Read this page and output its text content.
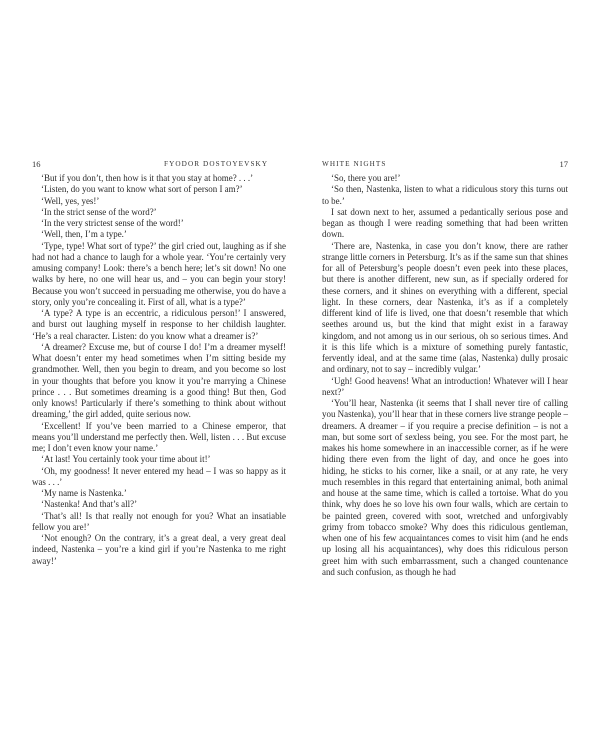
16	FYODOR DOSTOYEVSKY

‘But if you don’t, then how is it that you stay at home? . . .’

‘Listen, do you want to know what sort of person I am?’

‘Well, yes, yes!’

‘In the strict sense of the word?’

‘In the very strictest sense of the word!’

‘Well, then, I’m a type.’

‘Type, type! What sort of type?’ the girl cried out, laughing as if she had not had a chance to laugh for a whole year. ‘You’re certainly very amusing company! Look: there’s a bench here; let’s sit down! No one walks by here, no one will hear us, and – you can begin your story! Because you won’t succeed in persuading me otherwise, you do have a story, only you’re concealing it. First of all, what is a type?’

‘A type? A type is an eccentric, a ridiculous person!’ I answered, and burst out laughing myself in response to her childish laughter. ‘He’s a real character. Listen: do you know what a dreamer is?’

‘A dreamer? Excuse me, but of course I do! I’m a dreamer myself! What doesn’t enter my head sometimes when I’m sitting beside my grandmother. Well, then you begin to dream, and you become so lost in your thoughts that before you know it you’re marrying a Chinese prince . . . But sometimes dreaming is a good thing! But then, God only knows! Particularly if there’s something to think about without dreaming,’ the girl added, quite serious now.

‘Excellent! If you’ve been married to a Chinese emperor, that means you’ll understand me perfectly then. Well, listen . . . But excuse me; I don’t even know your name.’

‘At last! You certainly took your time about it!’

‘Oh, my goodness! It never entered my head – I was so happy as it was . . .’

‘My name is Nastenka.’

‘Nastenka! And that’s all?’

‘That’s all! Is that really not enough for you? What an insatiable fellow you are!’

‘Not enough? On the contrary, it’s a great deal, a very great deal indeed, Nastenka – you’re a kind girl if you’re Nastenka to me right away!’

WHITE NIGHTS	17

‘So, there you are!’

‘So then, Nastenka, listen to what a ridiculous story this turns out to be.’

I sat down next to her, assumed a pedantically serious pose and began as though I were reading something that had been written down.

‘There are, Nastenka, in case you don’t know, there are rather strange little corners in Petersburg. It’s as if the same sun that shines for all of Petersburg’s people doesn’t even peek into these places, but there is another different, new sun, as if specially ordered for these corners, and it shines on everything with a different, special light. In these corners, dear Nastenka, it’s as if a completely different kind of life is lived, one that doesn’t resemble that which seethes around us, but the kind that might exist in a faraway kingdom, and not among us in our serious, oh so serious times. And it is this life which is a mixture of something purely fantastic, fervently ideal, and at the same time (alas, Nastenka) dully prosaic and ordinary, not to say – incredibly vulgar.’

‘Ugh! Good heavens! What an introduction! Whatever will I hear next?’

‘You’ll hear, Nastenka (it seems that I shall never tire of calling you Nastenka), you’ll hear that in these corners live strange people – dreamers. A dreamer – if you require a precise definition – is not a man, but some sort of sexless being, you see. For the most part, he makes his home somewhere in an inaccessible corner, as if he were hiding there even from the light of day, and once he goes into hiding, he sticks to his corner, like a snail, or at any rate, he very much resembles in this regard that entertaining animal, both animal and house at the same time, which is called a tortoise. What do you think, why does he so love his own four walls, which are certain to be painted green, covered with soot, wretched and unforgivably grimy from tobacco smoke? Why does this ridiculous gentleman, when one of his few acquaintances comes to visit him (and he ends up losing all his acquaintances), why does this ridiculous person greet him with such embarrassment, such a changed countenance and such confusion, as though he had
